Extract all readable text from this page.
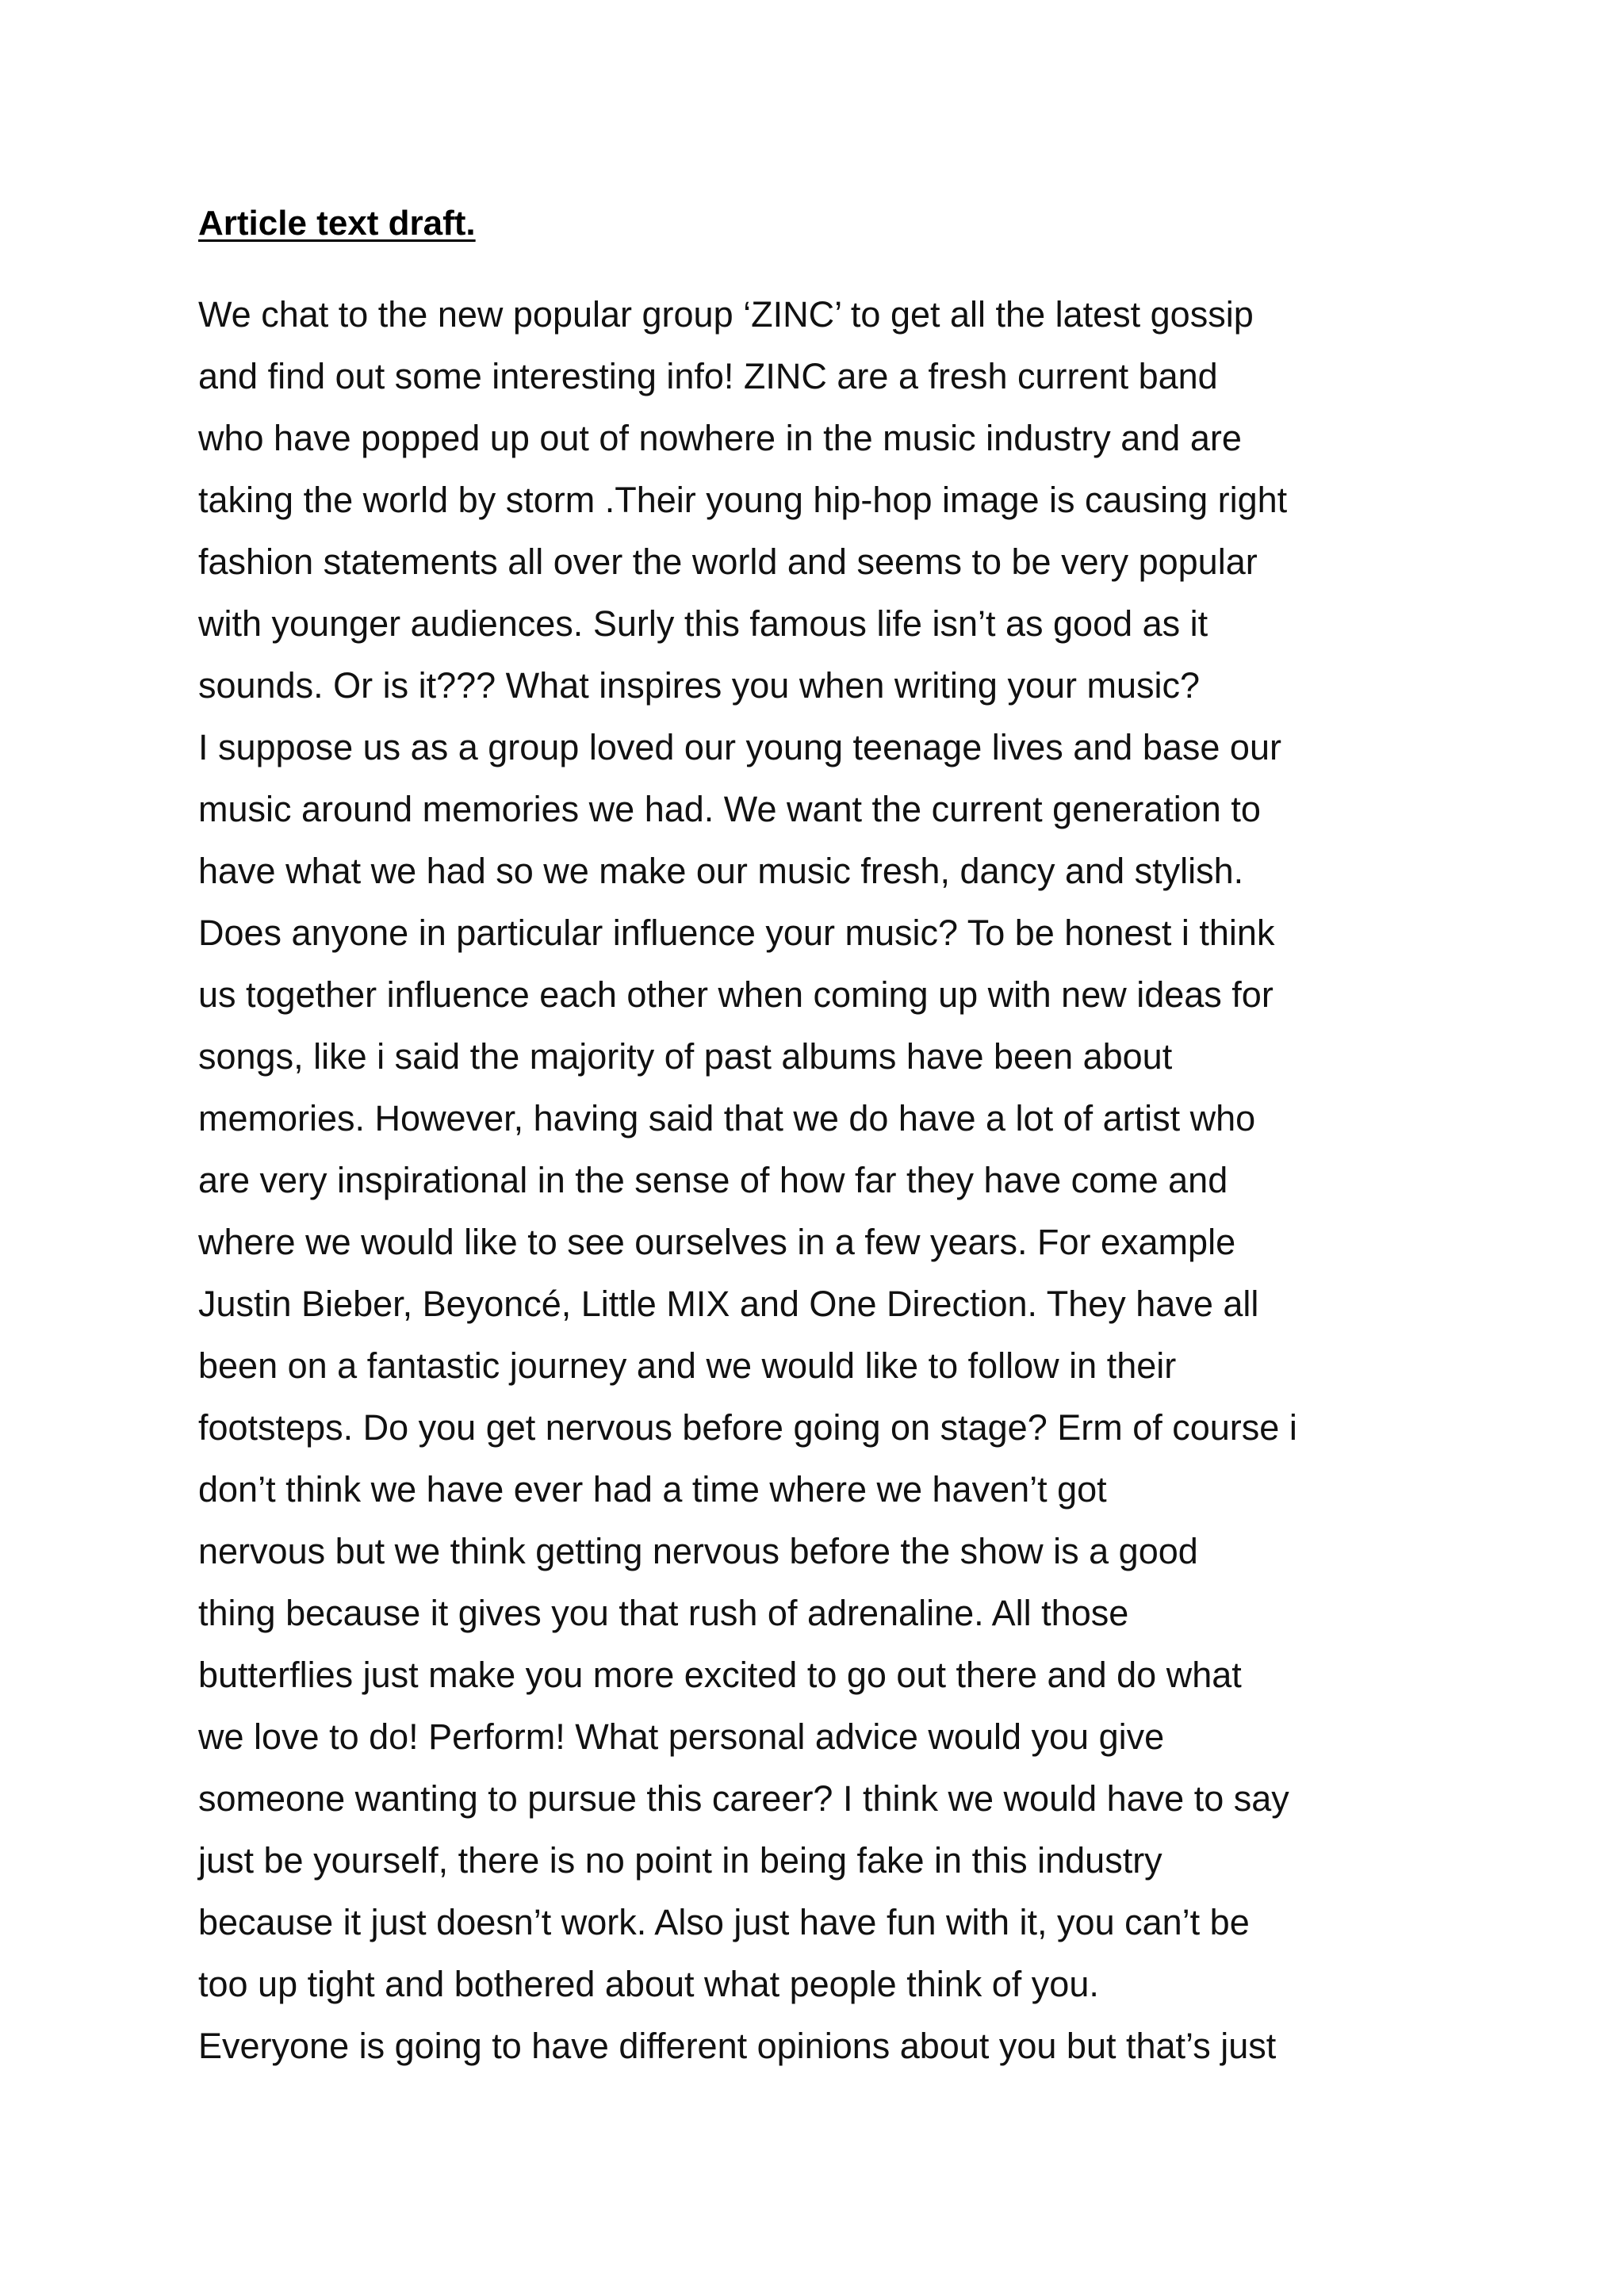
Article text draft.
We chat to the new popular group ‘ZINC’ to get all the latest gossip
and find out some interesting info! ZINC are a fresh current band
who have popped up out of nowhere in the music industry and are
taking the world by storm .Their young hip-hop image is causing right
fashion statements all over the world and seems to be very popular
with younger audiences. Surly this famous life isn’t as good as it
sounds. Or is it??? What inspires you when writing your music?
I suppose us as a group loved our young teenage lives and base our
music around memories we had. We want the current generation to
have what we had so we make our music fresh, dancy and stylish.
Does anyone in particular influence your music? To be honest i think
us together influence each other when coming up with new ideas for
songs, like i said the majority of past albums have been about
memories. However, having said that we do have a lot of artist who
are very inspirational in the sense of how far they have come and
where we would like to see ourselves in a few years. For example
Justin Bieber, Beyoncé, Little MIX and One Direction. They have all
been on a fantastic journey and we would like to follow in their
footsteps. Do you get nervous before going on stage? Erm of course i
don’t think we have ever had a time where we haven’t got
nervous but we think getting nervous before the show is a good
thing because it gives you that rush of adrenaline. All those
butterflies just make you more excited to go out there and do what
we love to do! Perform! What personal advice would you give
someone wanting to pursue this career? I think we would have to say
just be yourself, there is no point in being fake in this industry
because it just doesn’t work. Also just have fun with it, you can’t be
too up tight and bothered about what people think of you.
Everyone is going to have different opinions about you but that’s just
